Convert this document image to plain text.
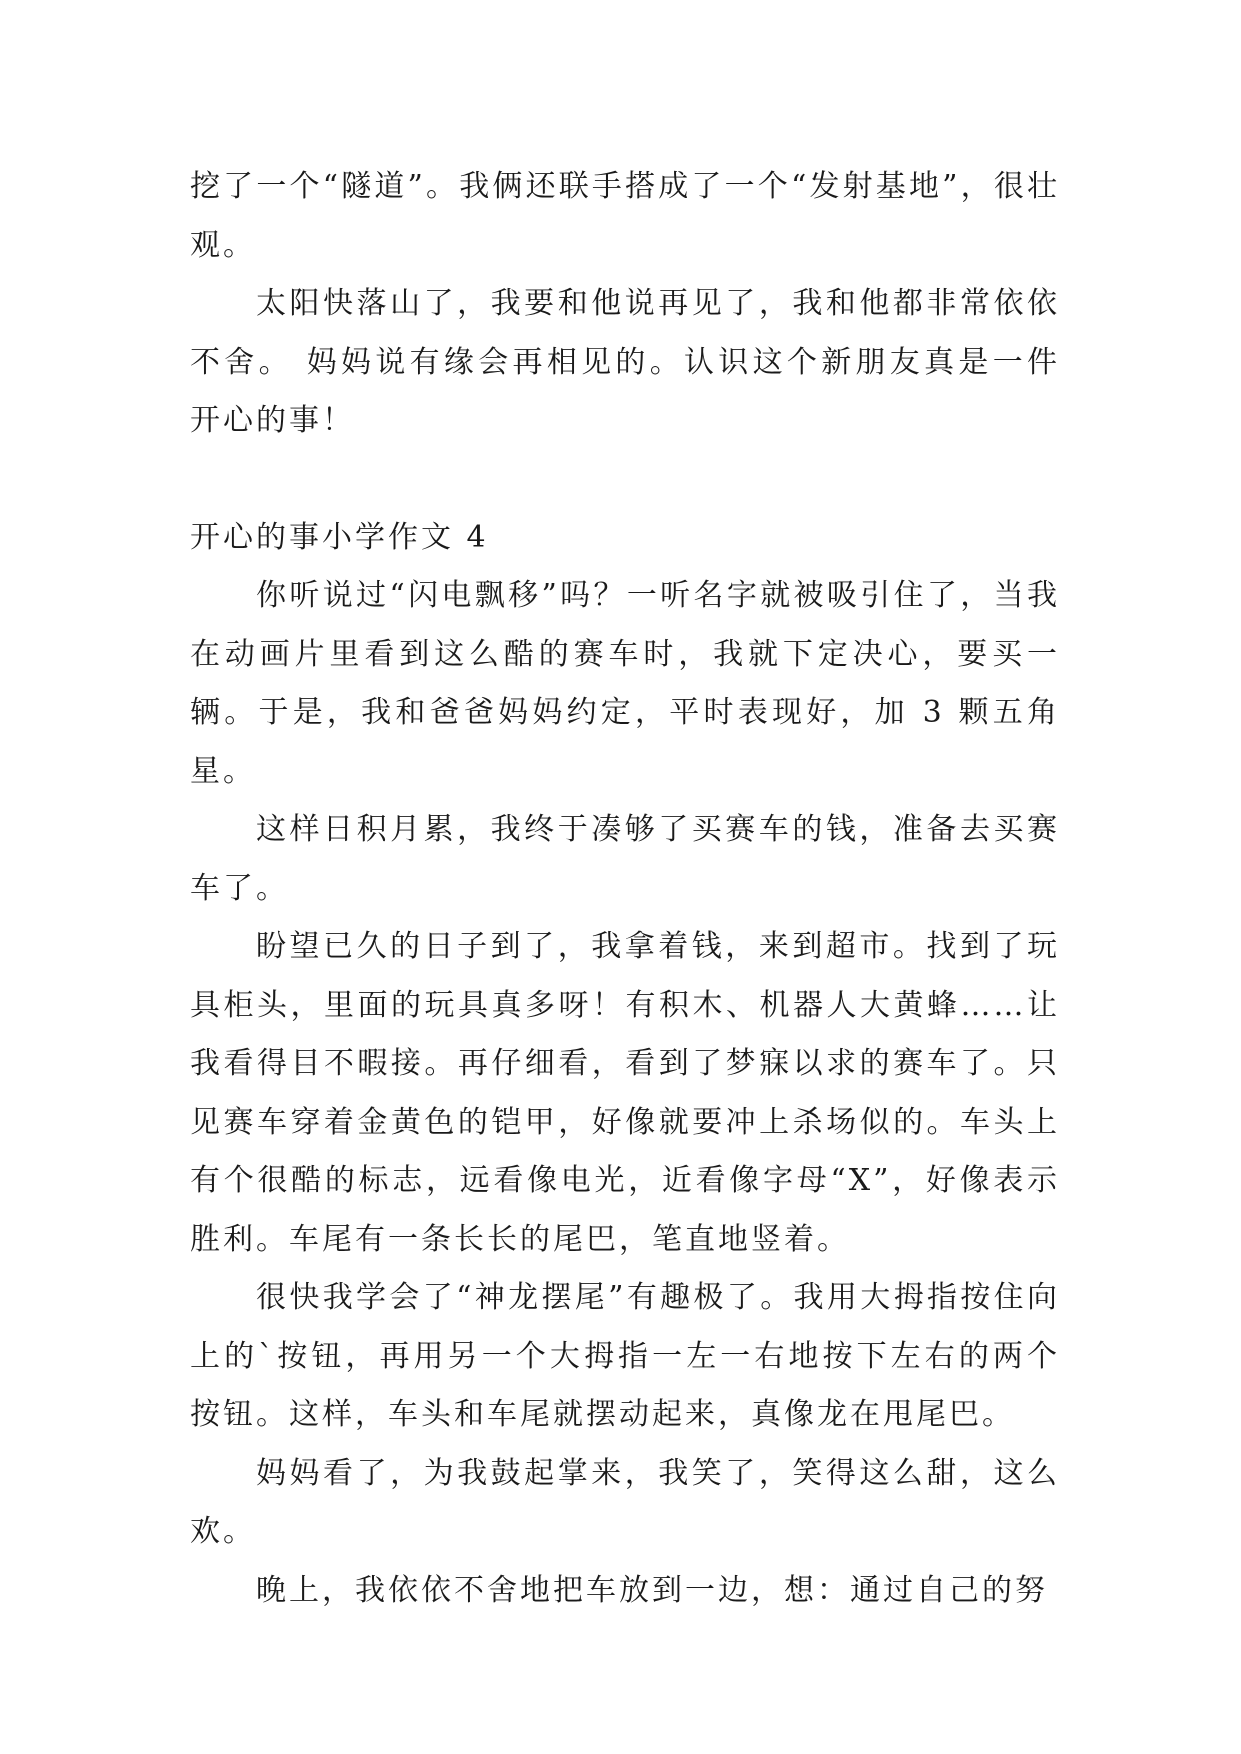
挖了一个“隧道”。我俩还联手搭成了一个“发射基地”，很壮观。

太阳快落山了，我要和他说再见了，我和他都非常依依不舍。 妈妈说有缘会再相见的。认识这个新朋友真是一件开心的事！

开心的事小学作文 4

你听说过“闪电飘移”吗？一听名字就被吸引住了，当我在动画片里看到这么酷的赛车时，我就下定决心，要买一辆。于是，我和爸爸妈妈约定，平时表现好，加 3 颗五角星。

这样日积月累，我终于凑够了买赛车的钱，准备去买赛车了。

盼望已久的日子到了，我拿着钱，来到超市。找到了玩具柜头，里面的玩具真多呀！有积木、机器人大黄蜂……让我看得目不暇接。再仔细看，看到了梦寐以求的赛车了。只见赛车穿着金黄色的铠甲，好像就要冲上杀场似的。车头上有个很酷的标志，远看像电光，近看像字母“X”，好像表示胜利。车尾有一条长长的尾巴，笔直地竖着。

很快我学会了“神龙摆尾”有趣极了。我用大拇指按住向上的`按钮，再用另一个大拇指一左一右地按下左右的两个按钮。这样，车头和车尾就摆动起来，真像龙在甩尾巴。

妈妈看了，为我鼓起掌来，我笑了，笑得这么甜，这么欢。

晚上，我依依不舍地把车放到一边，想：通过自己的努
